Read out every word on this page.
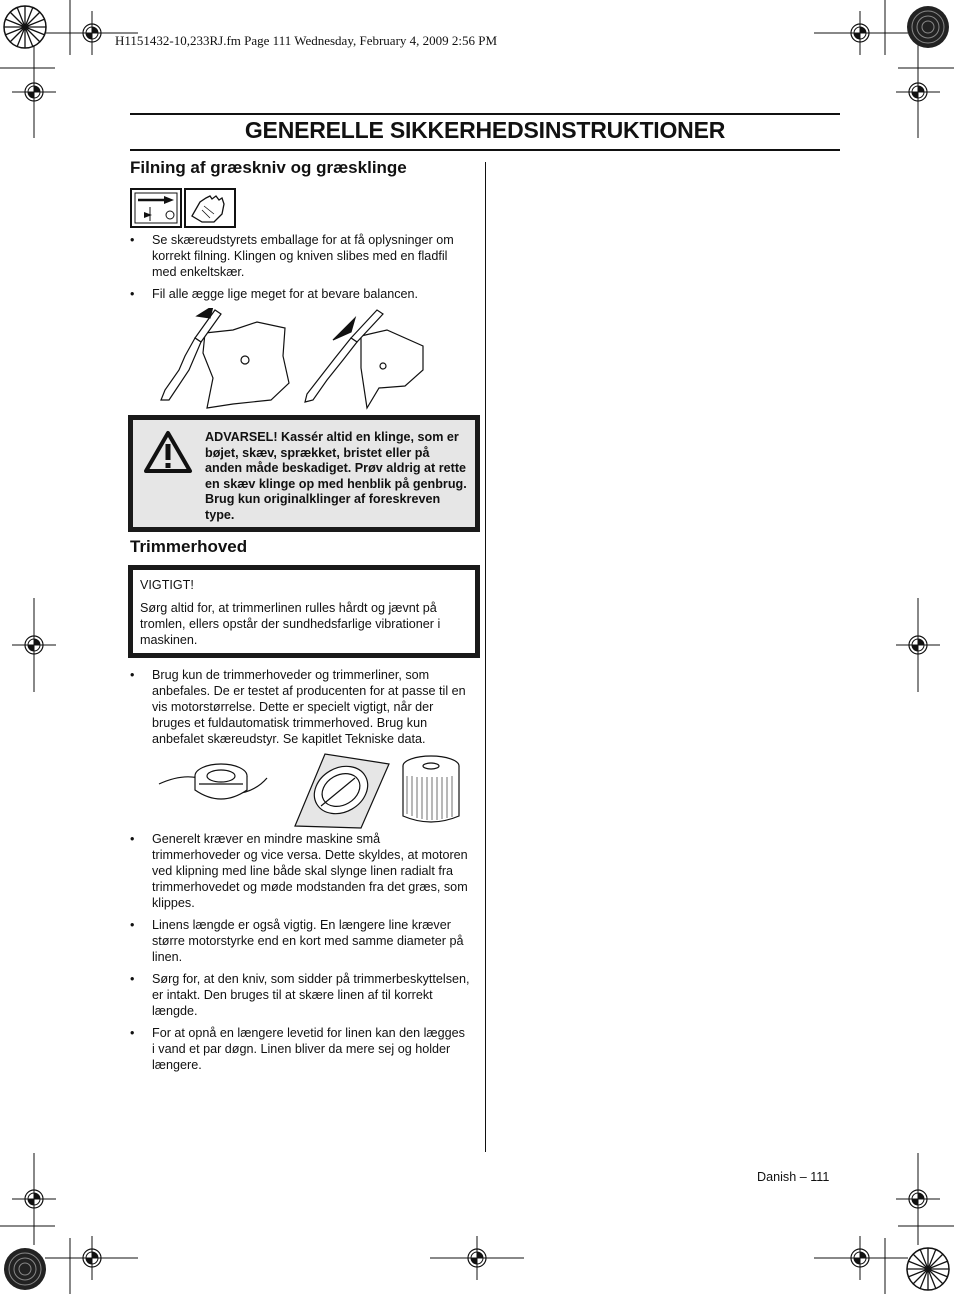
H1151432-10,233RJ.fm Page 111 Wednesday, February 4, 2009 2:56 PM
GENERELLE SIKKERHEDSINSTRUKTIONER
Filning af græskniv og græsklinge
• Se skæreudstyrets emballage for at få oplysninger om korrekt filning. Klingen og kniven slibes med en fladfil med enkeltskær.
• Fil alle ægge lige meget for at bevare balancen.
ADVARSEL! Kassér altid en klinge, som er bøjet, skæv, sprækket, bristet eller på anden måde beskadiget. Prøv aldrig at rette en skæv klinge op med henblik på genbrug. Brug kun originalklinger af foreskreven type.
Trimmerhoved
VIGTIGT!
Sørg altid for, at trimmerlinen rulles hårdt og jævnt på tromlen, ellers opstår der sundhedsfarlige vibrationer i maskinen.
• Brug kun de trimmerhoveder og trimmerliner, som anbefales. De er testet af producenten for at passe til en vis motorstørrelse. Dette er specielt vigtigt, når der bruges et fuldautomatisk trimmerhoved. Brug kun anbefalet skæreudstyr. Se kapitlet Tekniske data.
• Generelt kræver en mindre maskine små trimmerhoveder og vice versa. Dette skyldes, at motoren ved klipning med line både skal slynge linen radialt fra trimmerhovedet og møde modstanden fra det græs, som klippes.
• Linens længde er også vigtig. En længere line kræver større motorstyrke end en kort med samme diameter på linen.
• Sørg for, at den kniv, som sidder på trimmerbeskyttelsen, er intakt. Den bruges til at skære linen af til korrekt længde.
• For at opnå en længere levetid for linen kan den lægges i vand et par døgn. Linen bliver da mere sej og holder længere.
Danish – 111
